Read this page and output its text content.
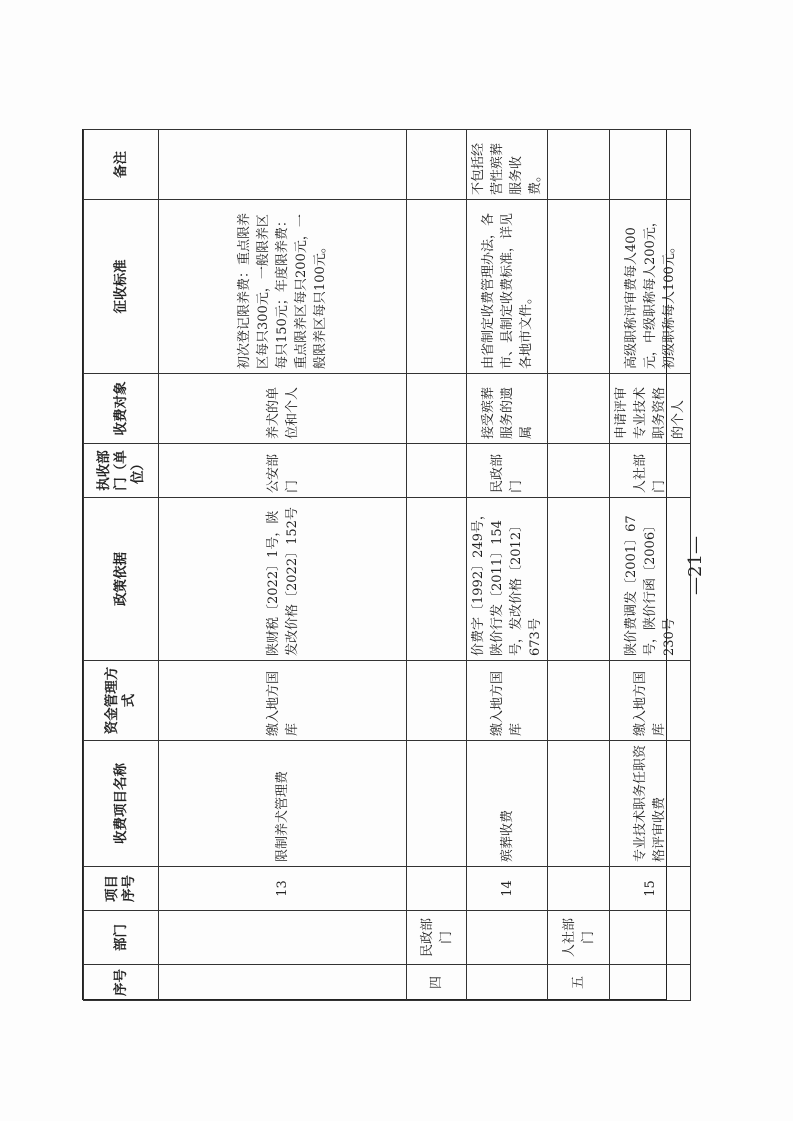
序号	部门	项目序号	收费项目名称	资金管理方式	政策依据	执收部门（单位）	收费对象	征收标准	备注
		13	限制养犬管理费	缴入地方国库	陕财税〔2022〕1号，陕发改价格〔2022〕152号	公安部门	养犬的单位和个人	初次登记限养费：重点限养区每只300元，一般限养区每只150元；年度限养费：重点限养区每只200元，一般限养区每只100元。	
四	民政部门								
		14	殡葬收费	缴入地方国库	价费字〔1992〕249号，陕价行发〔2011〕154号，发改价格〔2012〕673号	民政部门	接受殡葬服务的遗属	由省制定收费管理办法，各市、县制定收费标准，详见各地市文件。	不包括经营性殡葬服务收费。
五	人社部门								
		15	专业技术职务任职资格评审收费	缴入地方国库	陕价费调发〔2001〕67号，陕价行函〔2006〕230号	人社部门	申请评审专业技术职务资格的个人	高级职称评审费每人400元，中级职称每人200元，初级职称每人100元。	
—21—
